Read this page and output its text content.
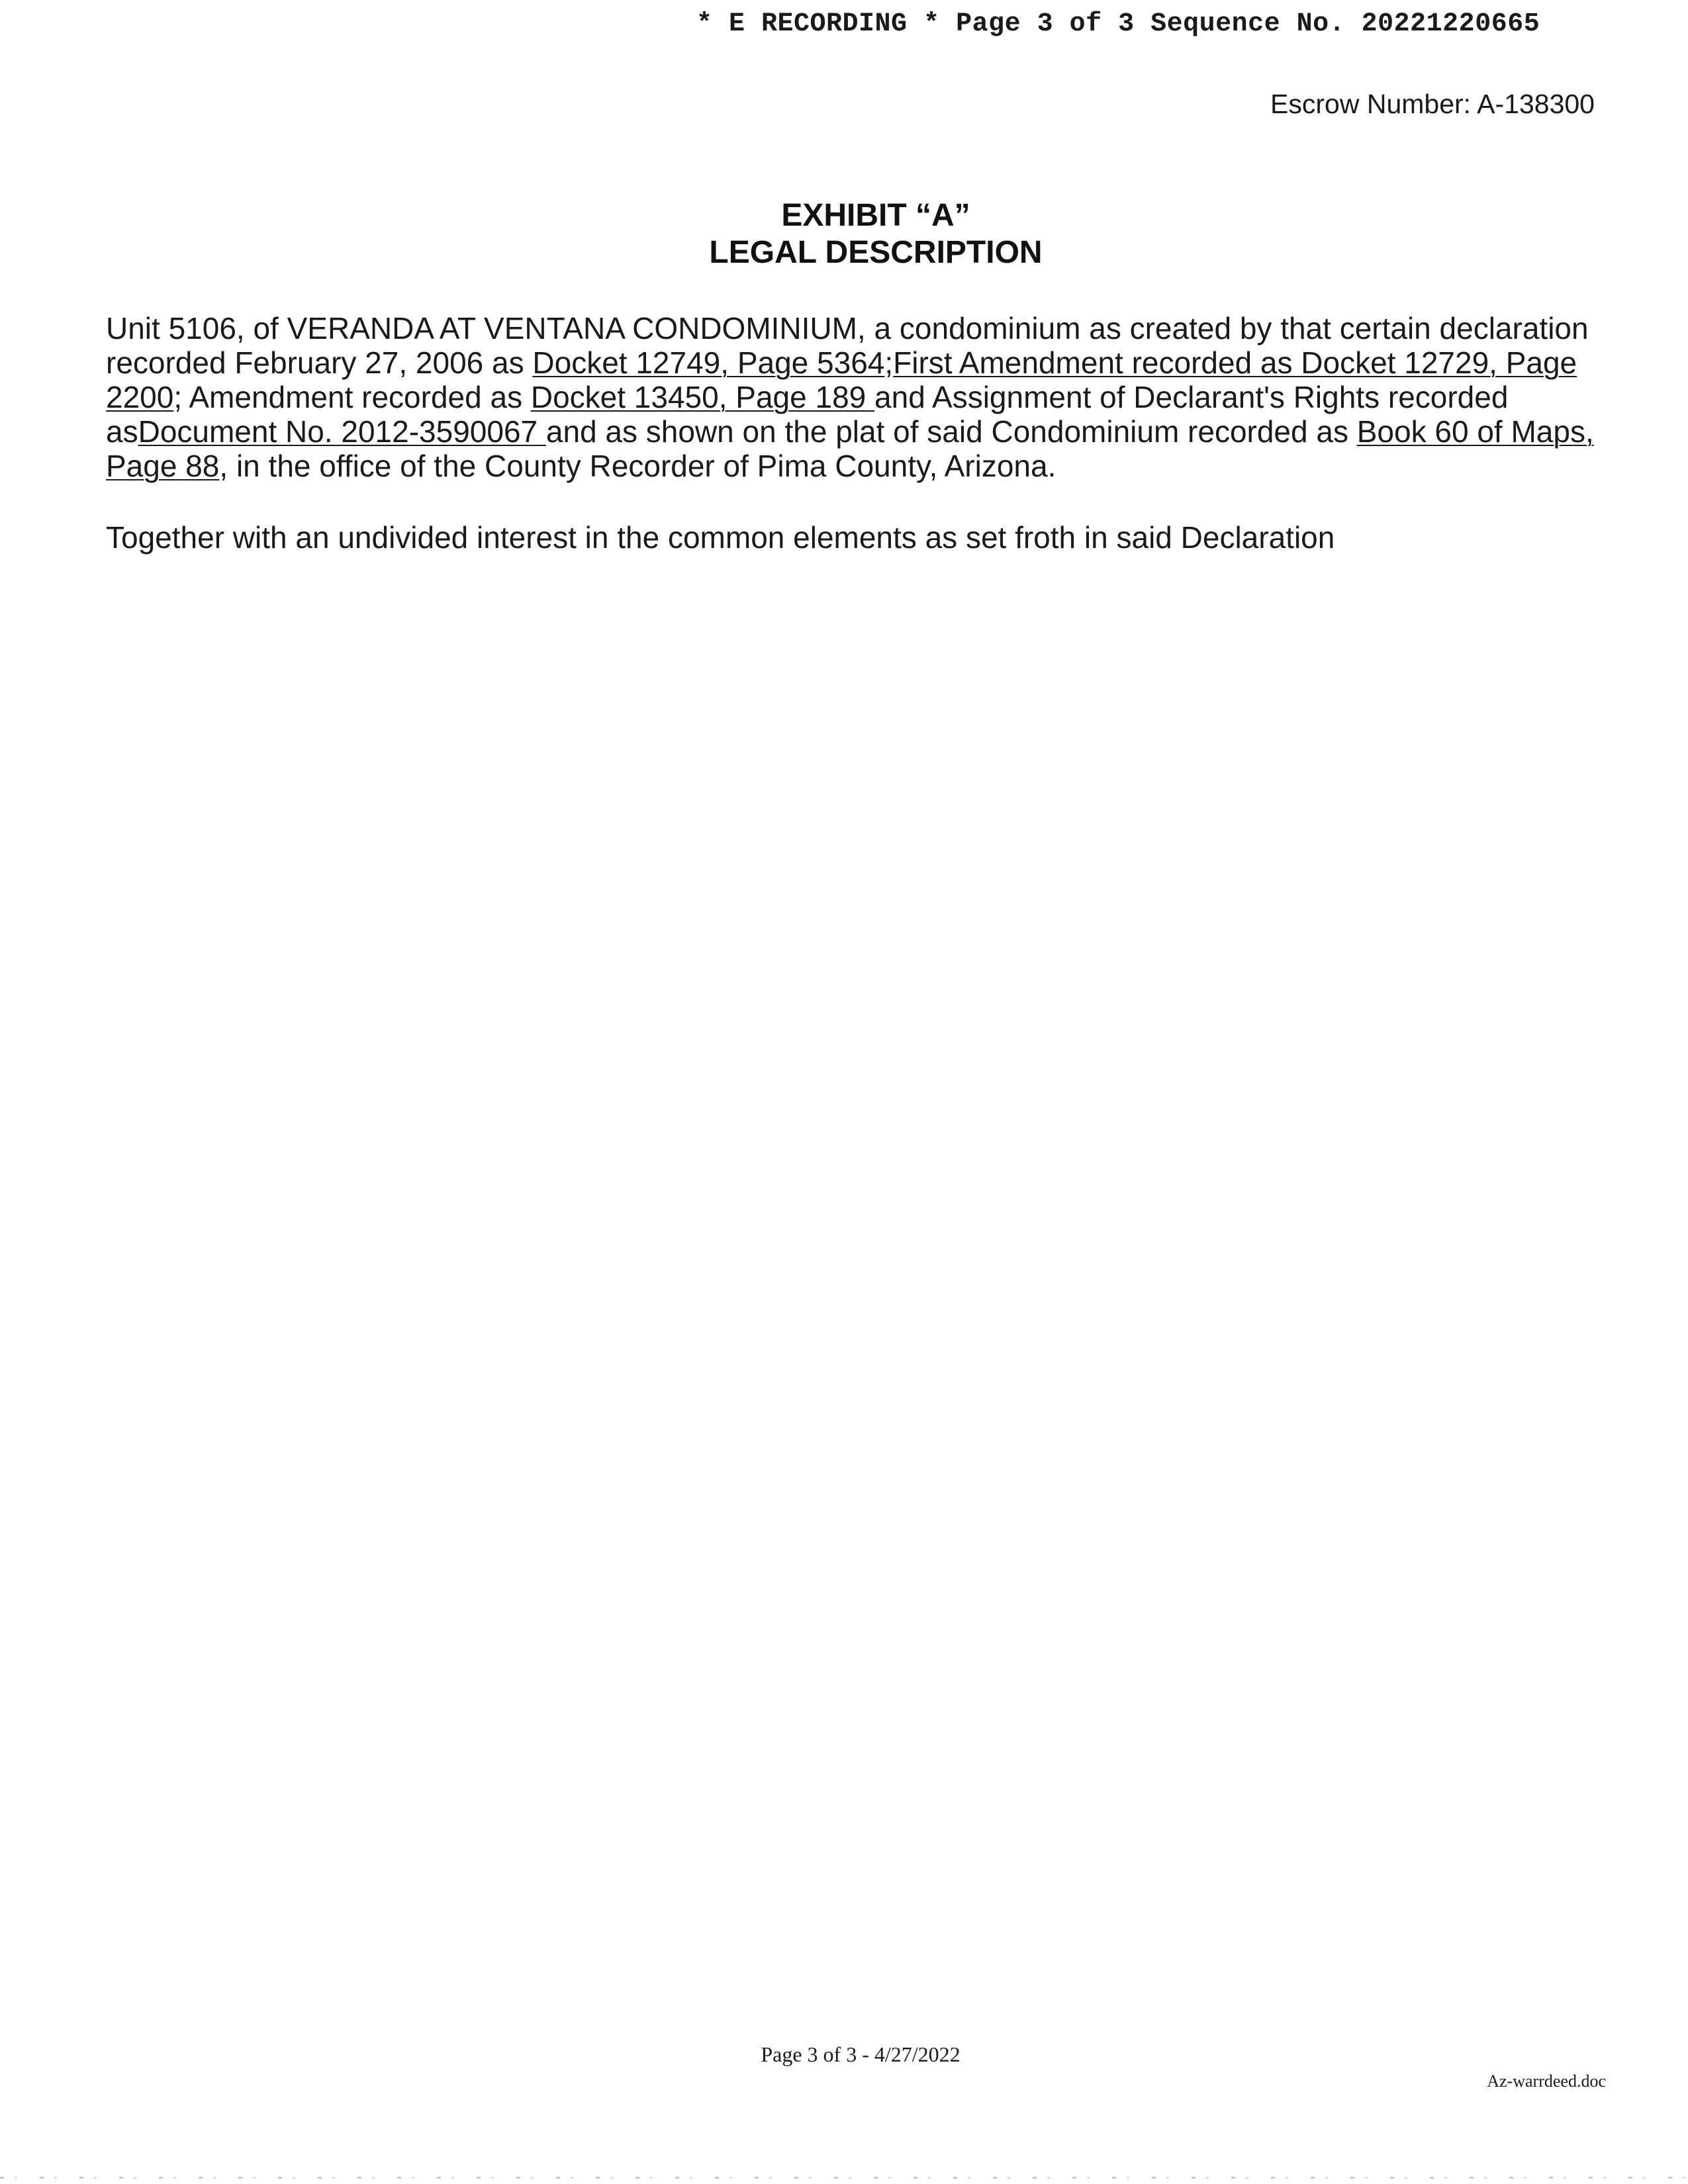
* E RECORDING * Page 3 of 3 Sequence No. 20221220665
Escrow Number: A-138300
EXHIBIT “A”
LEGAL DESCRIPTION
Unit 5106, of VERANDA AT VENTANA CONDOMINIUM, a condominium as created by that certain declaration
recorded February 27, 2006 as Docket 12749, Page 5364;First Amendment recorded as Docket 12729, Page
2200; Amendment recorded as Docket 13450, Page 189 and Assignment of Declarant's Rights recorded
asDocument No. 2012-3590067 and as shown on the plat of said Condominium recorded as Book 60 of Maps,
Page 88, in the office of the County Recorder of Pima County, Arizona.
Together with an undivided interest in the common elements as set froth in said Declaration
Page 3 of 3 - 4/27/2022
Az-warrdeed.doc
